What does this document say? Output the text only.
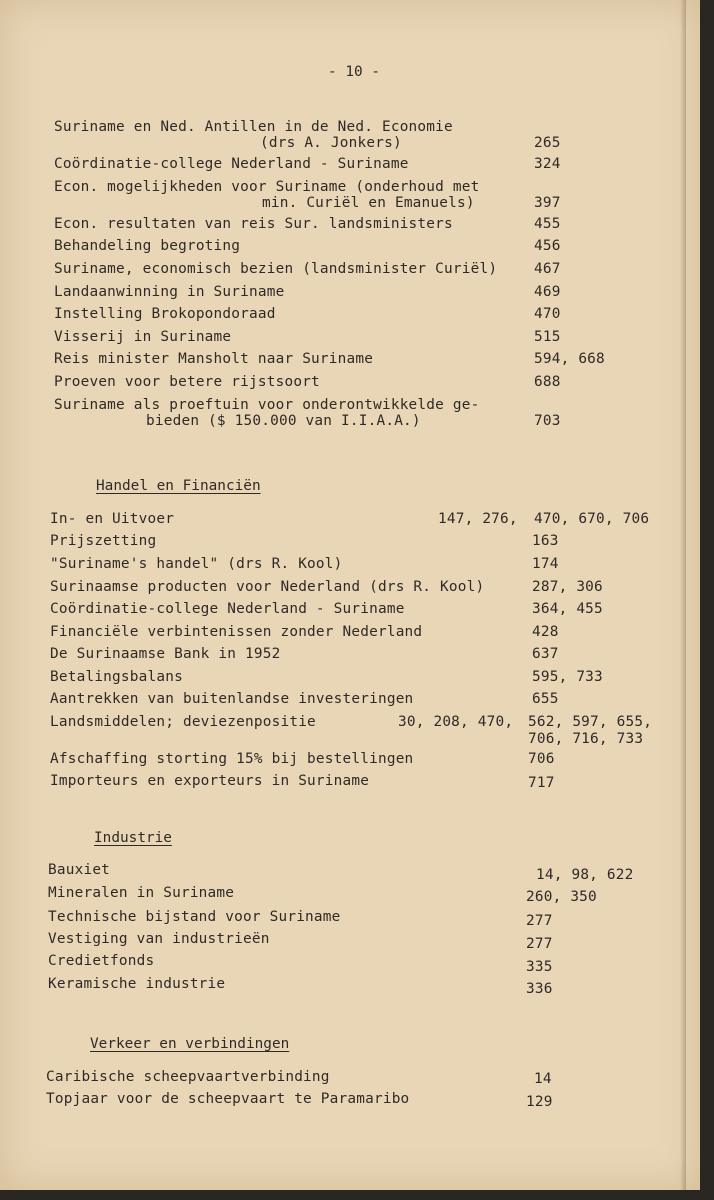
- 10 -
Suriname en Ned. Antillen in de Ned. Economie
(drs A. Jonkers)	265
Coördinatie-college Nederland - Suriname	324
Econ. mogelijkheden voor Suriname (onderhoud met
min. Curiël en Emanuels)	397
Econ. resultaten van reis Sur. landsministers	455
Behandeling begroting	456
Suriname, economisch bezien (landsminister Curiël)	467
Landaanwinning in Suriname	469
Instelling Brokopondoraad	470
Visserij in Suriname	515
Reis minister Mansholt naar Suriname	594, 668
Proeven voor betere rijstsoort	688
Suriname als proeftuin voor onderontwikkelde ge-
bieden ($ 150.000 van I.I.A.A.)	703
Handel en Financiën
In- en Uitvoer	147, 276, 470, 670, 706
Prijszetting	163
"Suriname's handel" (drs R. Kool)	174
Surinaamse producten voor Nederland (drs R. Kool)	287, 306
Coördinatie-college Nederland - Suriname	364, 455
Financiële verbintenissen zonder Nederland	428
De Surinaamse Bank in 1952	637
Betalingsbalans	595, 733
Aantrekken van buitenlandse investeringen	655
Landsmiddelen; deviezenpositie	30, 208, 470, 562, 597, 655,
706, 716, 733
Afschaffing storting 15% bij bestellingen	706
Importeurs en exporteurs in Suriname	717
Industrie
Bauxiet	14, 98, 622
Mineralen in Suriname	260, 350
Technische bijstand voor Suriname	277
Vestiging van industrieën	277
Credietfonds	335
Keramische industrie	336
Verkeer en verbindingen
Caribische scheepvaartverbinding	14
Topjaar voor de scheepvaart te Paramaribo	129
